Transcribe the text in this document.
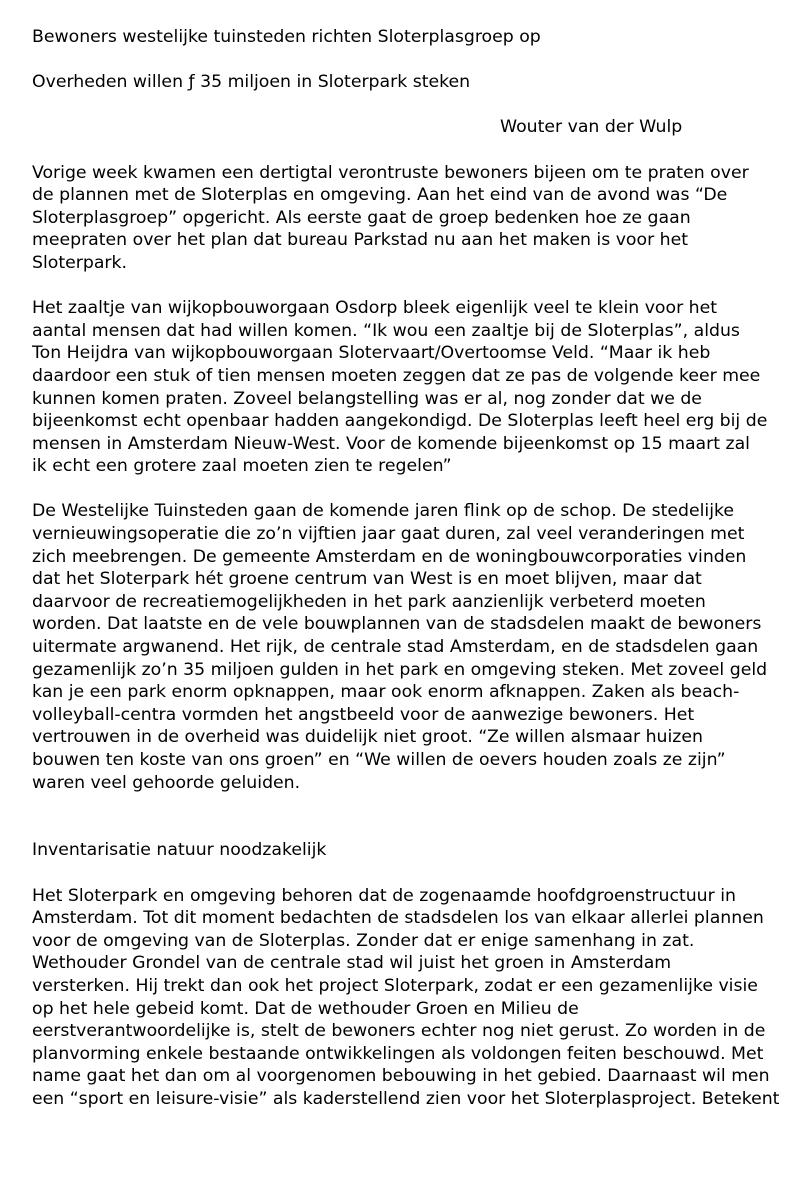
Bewoners westelijke tuinsteden richten Sloterplasgroep op

Overheden willen ƒ 35 miljoen in Sloterpark steken

Wouter van der Wulp

Vorige week kwamen een dertigtal verontruste bewoners bijeen om te praten over
de plannen met de Sloterplas en omgeving. Aan het eind van de avond was “De
Sloterplasgroep” opgericht. Als eerste gaat de groep bedenken hoe ze gaan
meepraten over het plan dat bureau Parkstad nu aan het maken is voor het
Sloterpark.

Het zaaltje van wijkopbouworgaan Osdorp bleek eigenlijk veel te klein voor het
aantal mensen dat had willen komen. “Ik wou een zaaltje bij de Sloterplas”, aldus
Ton Heijdra van wijkopbouworgaan Slotervaart/Overtoomse Veld. “Maar ik heb
daardoor een stuk of tien mensen moeten zeggen dat ze pas de volgende keer mee
kunnen komen praten. Zoveel belangstelling was er al, nog zonder dat we de
bijeenkomst echt openbaar hadden aangekondigd. De Sloterplas leeft heel erg bij de
mensen in Amsterdam Nieuw-West. Voor de komende bijeenkomst op 15 maart zal
ik echt een grotere zaal moeten zien te regelen”

De Westelijke Tuinsteden gaan de komende jaren flink op de schop. De stedelijke
vernieuwingsoperatie die zo’n vijftien jaar gaat duren, zal veel veranderingen met
zich meebrengen. De gemeente Amsterdam en de woningbouwcorporaties vinden
dat het Sloterpark hét groene centrum van West is en moet blijven, maar dat
daarvoor de recreatiemogelijkheden in het park aanzienlijk verbeterd moeten
worden. Dat laatste en de vele bouwplannen van de stadsdelen maakt de bewoners
uitermate argwanend. Het rijk, de centrale stad Amsterdam, en de stadsdelen gaan
gezamenlijk zo’n 35 miljoen gulden in het park en omgeving steken. Met zoveel geld
kan je een park enorm opknappen, maar ook enorm afknappen. Zaken als beach-
volleyball-centra vormden het angstbeeld voor de aanwezige bewoners. Het
vertrouwen in de overheid was duidelijk niet groot. “Ze willen alsmaar huizen
bouwen ten koste van ons groen” en “We willen de oevers houden zoals ze zijn”
waren veel gehoorde geluiden.

Inventarisatie natuur noodzakelijk

Het Sloterpark en omgeving behoren dat de zogenaamde hoofdgroenstructuur in
Amsterdam. Tot dit moment bedachten de stadsdelen los van elkaar allerlei plannen
voor de omgeving van de Sloterplas. Zonder dat er enige samenhang in zat.
Wethouder Grondel van de centrale stad wil juist het groen in Amsterdam
versterken. Hij trekt dan ook het project Sloterpark, zodat er een gezamenlijke visie
op het hele gebeid komt. Dat de wethouder Groen en Milieu de
eerstverantwoordelijke is, stelt de bewoners echter nog niet gerust. Zo worden in de
planvorming enkele bestaande ontwikkelingen als voldongen feiten beschouwd. Met
name gaat het dan om al voorgenomen bebouwing in het gebied. Daarnaast wil men
een “sport en leisure-visie” als kaderstellend zien voor het Sloterplasproject. Betekent
